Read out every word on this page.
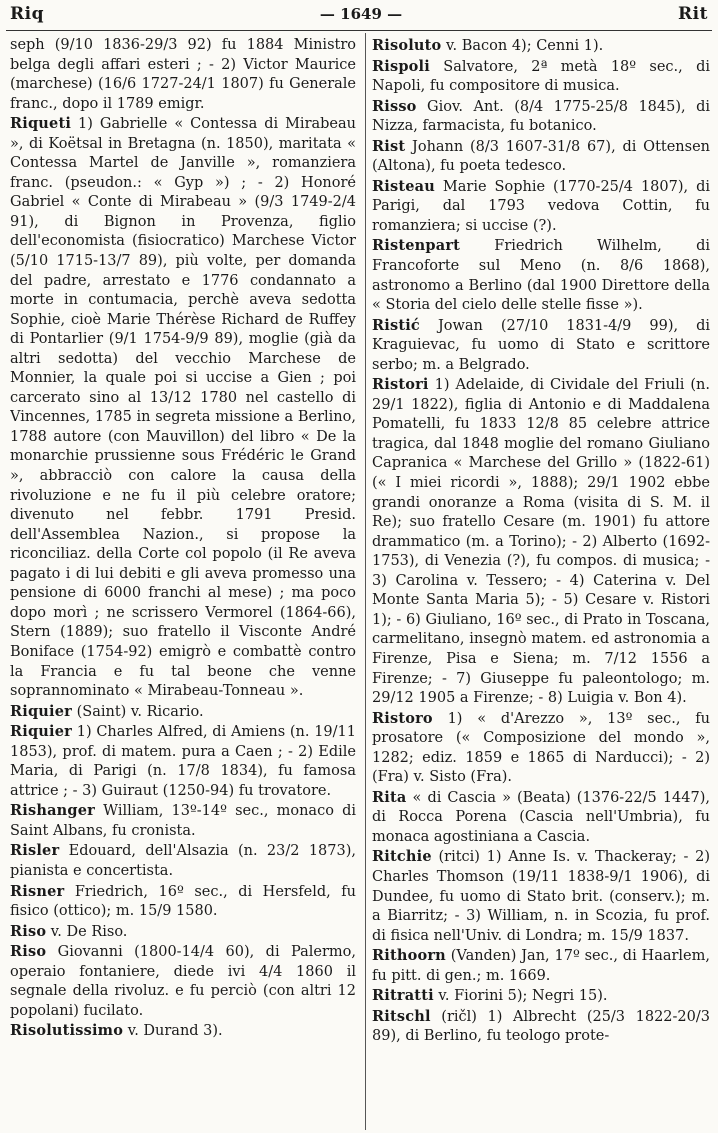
Riq	— 1649 —	Rit

seph (9/10 1836-29/3 92) fu 1884 Ministro belga degli affari esteri ; - 2) Victor Maurice (marchese) (16/6 1727-24/1 1807) fu Generale franc., dopo il 1789 emigr.

Riqueti 1) Gabrielle « Contessa di Mirabeau », di Koëtsal in Bretagna (n. 1850), maritata « Contessa Martel de Janville », romanziera franc. (pseudon.: « Gyp ») ; - 2) Honoré Gabriel « Conte di Mirabeau » (9/3 1749-2/4 91), di Bignon in Provenza, figlio dell'economista (fisiocratico) Marchese Victor (5/10 1715-13/7 89), più volte, per domanda del padre, arrestato e 1776 condannato a morte in contumacia, perchè aveva sedotta Sophie, cioè Marie Thérèse Richard de Ruffey di Pontarlier (9/1 1754-9/9 89), moglie (già da altri sedotta) del vecchio Marchese de Monnier, la quale poi si uccise a Gien ; poi carcerato sino al 13/12 1780 nel castello di Vincennes, 1785 in segreta missione a Berlino, 1788 autore (con Mauvillon) del libro « De la monarchie prussienne sous Frédéric le Grand », abbracciò con calore la causa della rivoluzione e ne fu il più celebre oratore; divenuto nel febbr. 1791 Presid. dell'Assemblea Nazion., si propose la riconciliaz. della Corte col popolo (il Re aveva pagato i di lui debiti e gli aveva promesso una pensione di 6000 franchi al mese) ; ma poco dopo morì ; ne scrissero Vermorel (1864-66), Stern (1889); suo fratello il Visconte André Boniface (1754-92) emigrò e combattè contro la Francia e fu tal beone che venne soprannominato « Mirabeau-Tonneau ».

Riquier (Saint) v. Ricario.

Riquier 1) Charles Alfred, di Amiens (n. 19/11 1853), prof. di matem. pura a Caen ; - 2) Edile Maria, di Parigi (n. 17/8 1834), fu famosa attrice ; - 3) Guiraut (1250-94) fu trovatore.

Rishanger William, 13º-14º sec., monaco di Saint Albans, fu cronista.

Risler Edouard, dell'Alsazia (n. 23/2 1873), pianista e concertista.

Risner Friedrich, 16º sec., di Hersfeld, fu fisico (ottico); m. 15/9 1580.

Riso v. De Riso.

Riso Giovanni (1800-14/4 60), di Palermo, operaio fontaniere, diede ivi 4/4 1860 il segnale della rivoluz. e fu perciò (con altri 12 popolani) fucilato.

Risolutissimo v. Durand 3).

Risoluto v. Bacon 4); Cenni 1).

Rispoli Salvatore, 2ª metà 18º sec., di Napoli, fu compositore di musica.

Risso Giov. Ant. (8/4 1775-25/8 1845), di Nizza, farmacista, fu botanico.

Rist Johann (8/3 1607-31/8 67), di Ottensen (Altona), fu poeta tedesco.

Risteau Marie Sophie (1770-25/4 1807), di Parigi, dal 1793 vedova Cottin, fu romanziera; si uccise (?).

Ristenpart Friedrich Wilhelm, di Francoforte sul Meno (n. 8/6 1868), astronomo a Berlino (dal 1900 Direttore della « Storia del cielo delle stelle fisse »).

Ristić Jowan (27/10 1831-4/9 99), di Kraguievac, fu uomo di Stato e scrittore serbo; m. a Belgrado.

Ristori 1) Adelaide, di Cividale del Friuli (n. 29/1 1822), figlia di Antonio e di Maddalena Pomatelli, fu 1833 12/8 85 celebre attrice tragica, dal 1848 moglie del romano Giuliano Capranica « Marchese del Grillo » (1822-61) (« I miei ricordi », 1888); 29/1 1902 ebbe grandi onoranze a Roma (visita di S. M. il Re); suo fratello Cesare (m. 1901) fu attore drammatico (m. a Torino); - 2) Alberto (1692-1753), di Venezia (?), fu compos. di musica; - 3) Carolina v. Tessero; - 4) Caterina v. Del Monte Santa Maria 5); - 5) Cesare v. Ristori 1); - 6) Giuliano, 16º sec., di Prato in Toscana, carmelitano, insegnò matem. ed astronomia a Firenze, Pisa e Siena; m. 7/12 1556 a Firenze; - 7) Giuseppe fu paleontologo; m. 29/12 1905 a Firenze; - 8) Luigia v. Bon 4).

Ristoro 1) « d'Arezzo », 13º sec., fu prosatore (« Composizione del mondo », 1282; ediz. 1859 e 1865 di Narducci); - 2) (Fra) v. Sisto (Fra).

Rita « di Cascia » (Beata) (1376-22/5 1447), di Rocca Porena (Cascia nell'Umbria), fu monaca agostiniana a Cascia.

Ritchie (ritci) 1) Anne Is. v. Thackeray; - 2) Charles Thomson (19/11 1838-9/1 1906), di Dundee, fu uomo di Stato brit. (conserv.); m. a Biarritz; - 3) William, n. in Scozia, fu prof. di fisica nell'Univ. di Londra; m. 15/9 1837.

Rithoorn (Vanden) Jan, 17º sec., di Haarlem, fu pitt. di gen.; m. 1669.

Ritratti v. Fiorini 5); Negri 15).

Ritschl (ričl) 1) Albrecht (25/3 1822-20/3 89), di Berlino, fu teologo prote-
